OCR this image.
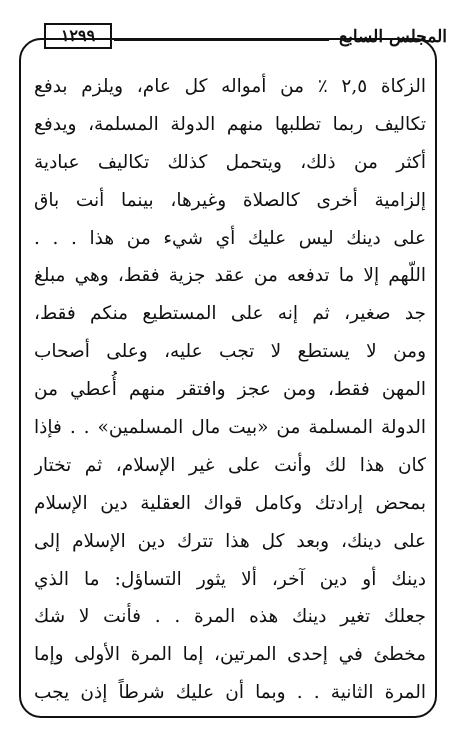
المجلس السابع
١٢٩٩
الزكاة ٢,٥ ٪ من أمواله كل عام، ويلزم بدفع
تكاليف ربما تطلبها منهم الدولة المسلمة، ويدفع
أكثر من ذلك، ويتحمل كذلك تكاليف عبادية
إلزامية أخرى كالصلاة وغيرها، بينما أنت باق
على دينك ليس عليك أي شيء من هذا . . .
اللّهم إلا ما تدفعه من عقد جزية فقط، وهي مبلغ
جد صغير، ثم إنه على المستطيع منكم فقط،
ومن لا يستطع لا تجب عليه، وعلى أصحاب
المهن فقط، ومن عجز وافتقر منهم أُعطي من
الدولة المسلمة من «بيت مال المسلمين» . . فإذا
كان هذا لك وأنت على غير الإسلام، ثم تختار
بمحض إرادتك وكامل قواك العقلية دين الإسلام
على دينك، وبعد كل هذا تترك دين الإسلام إلى
دينك أو دين آخر، ألا يثور التساؤل: ما الذي
جعلك تغير دينك هذه المرة . . فأنت لا شك
مخطئ في إحدى المرتين، إما المرة الأولى وإما
المرة الثانية . . وبما أن عليك شرطاً إذن يجب
